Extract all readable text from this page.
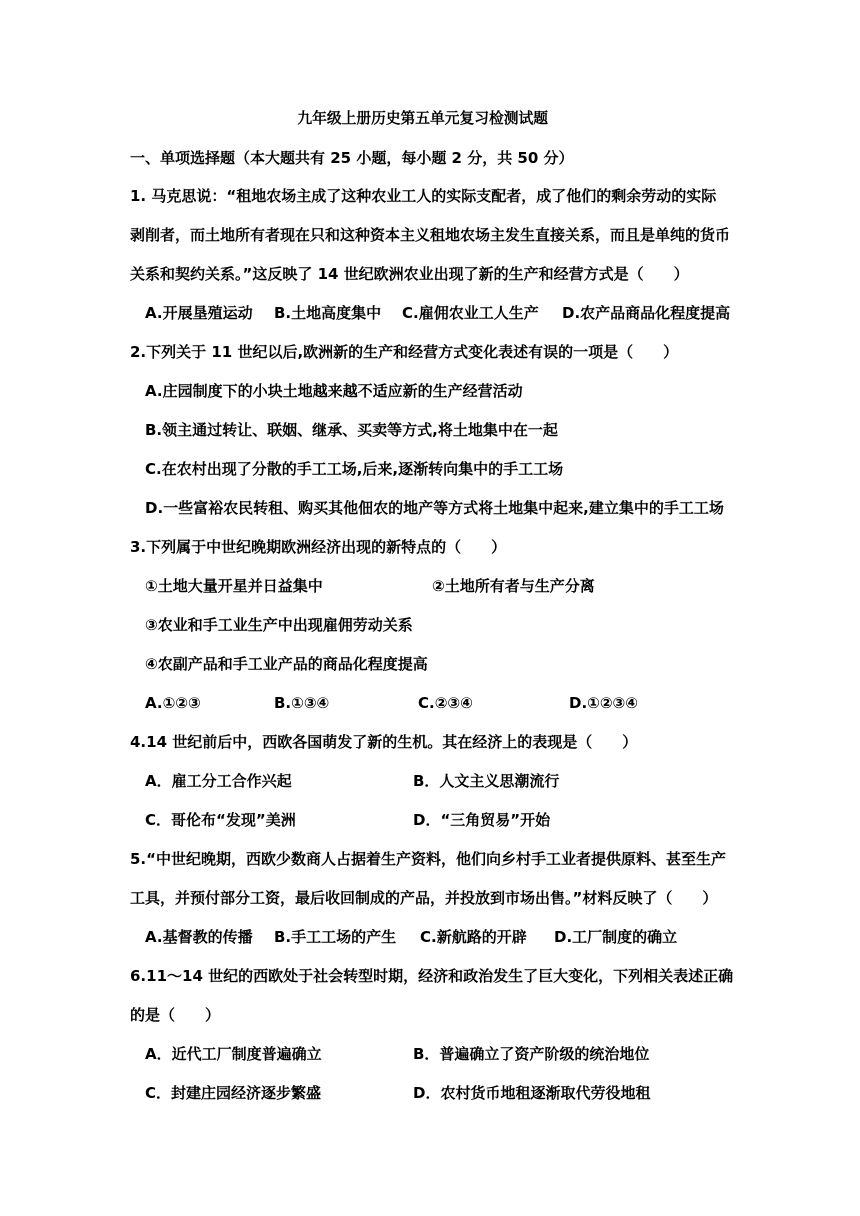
九年级上册历史第五单元复习检测试题
一、单项选择题（本大题共有 25 小题，每小题 2 分，共 50 分）
1. 马克思说：“租地农场主成了这种农业工人的实际支配者，成了他们的剩余劳动的实际
剥削者，而土地所有者现在只和这种资本主义租地农场主发生直接关系，而且是单纯的货币
关系和契约关系。”这反映了 14 世纪欧洲农业出现了新的生产和经营方式是（　　）
A.开展垦殖运动 B.土地高度集中 C.雇佣农业工人生产 D.农产品商品化程度提高
2.下列关于 11 世纪以后,欧洲新的生产和经营方式变化表述有误的一项是（　　）
A.庄园制度下的小块土地越来越不适应新的生产经营活动
B.领主通过转让、联姻、继承、买卖等方式,将土地集中在一起
C.在农村出现了分散的手工工场,后来,逐渐转向集中的手工工场
D.一些富裕农民转租、购买其他佃农的地产等方式将土地集中起来,建立集中的手工工场
3.下列属于中世纪晚期欧洲经济出现的新特点的（　　）
①土地大量开星并日益集中	②土地所有者与生产分离
③农业和手工业生产中出现雇佣劳动关系
④农副产品和手工业产品的商品化程度提高
A.①②③	B.①③④	C.②③④	D.①②③④
4.14 世纪前后中，西欧各国萌发了新的生机。其在经济上的表现是（　　）
A．雇工分工合作兴起	B．人文主义思潮流行
C．哥伦布“发现”美洲	D．“三角贸易”开始
5.“中世纪晚期，西欧少数商人占据着生产资料，他们向乡村手工业者提供原料、甚至生产
工具，并预付部分工资，最后收回制成的产品，并投放到市场出售。”材料反映了（　　）
A.基督教的传播 B.手工工场的产生 C.新航路的开辟 D.工厂制度的确立
6.11～14 世纪的西欧处于社会转型时期，经济和政治发生了巨大变化，下列相关表述正确
的是（　　）
A．近代工厂制度普遍确立	B．普遍确立了资产阶级的统治地位
C．封建庄园经济逐步繁盛	D．农村货币地租逐渐取代劳役地租
